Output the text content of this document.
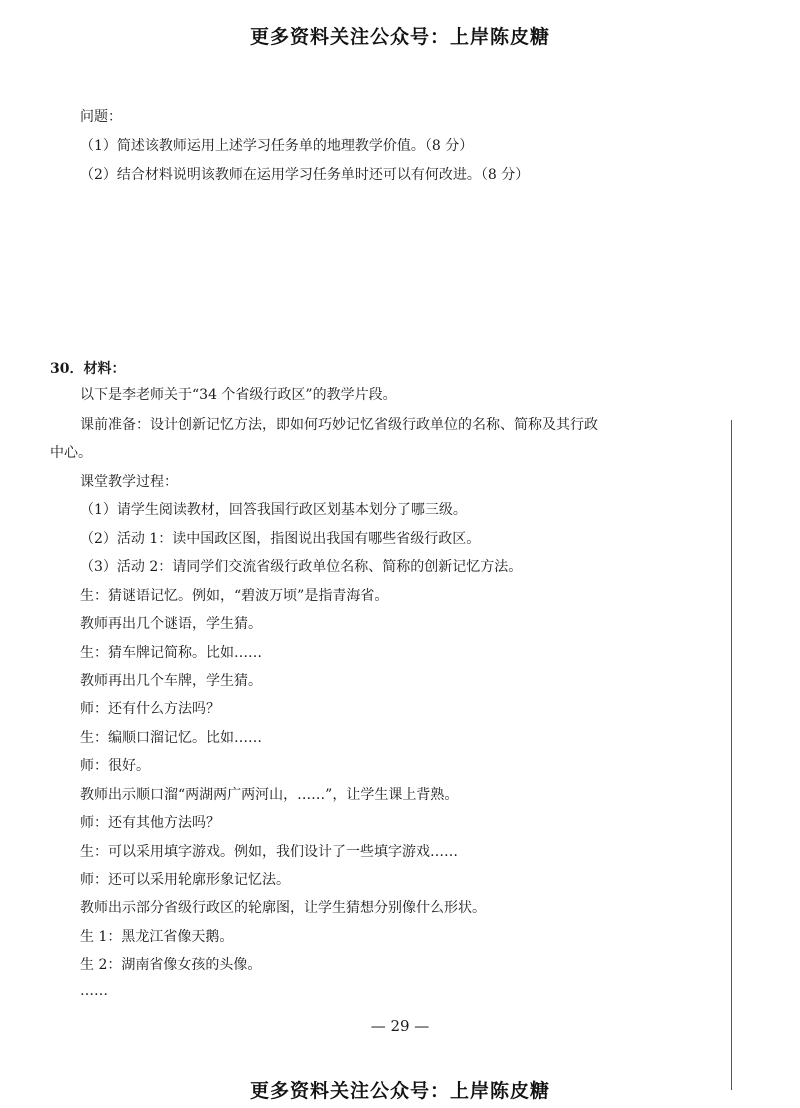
更多资料关注公众号：上岸陈皮糖
问题：
（1）简述该教师运用上述学习任务单的地理教学价值。（8 分）
（2）结合材料说明该教师在运用学习任务单时还可以有何改进。（8 分）
30．材料：
以下是李老师关于“34 个省级行政区”的教学片段。
课前准备：设计创新记忆方法，即如何巧妙记忆省级行政单位的名称、简称及其行政
中心。
课堂教学过程：
（1）请学生阅读教材，回答我国行政区划基本划分了哪三级。
（2）活动 1：读中国政区图，指图说出我国有哪些省级行政区。
（3）活动 2：请同学们交流省级行政单位名称、简称的创新记忆方法。
生：猜谜语记忆。例如，“碧波万顷”是指青海省。
教师再出几个谜语，学生猜。
生：猜车牌记简称。比如……
教师再出几个车牌，学生猜。
师：还有什么方法吗？
生：编顺口溜记忆。比如……
师：很好。
教师出示顺口溜“两湖两广两河山，……”，让学生课上背熟。
师：还有其他方法吗？
生：可以采用填字游戏。例如，我们设计了一些填字游戏……
师：还可以采用轮廓形象记忆法。
教师出示部分省级行政区的轮廓图，让学生猜想分别像什么形状。
生 1：黑龙江省像天鹅。
生 2：湖南省像女孩的头像。
……
— 29 —
更多资料关注公众号：上岸陈皮糖
